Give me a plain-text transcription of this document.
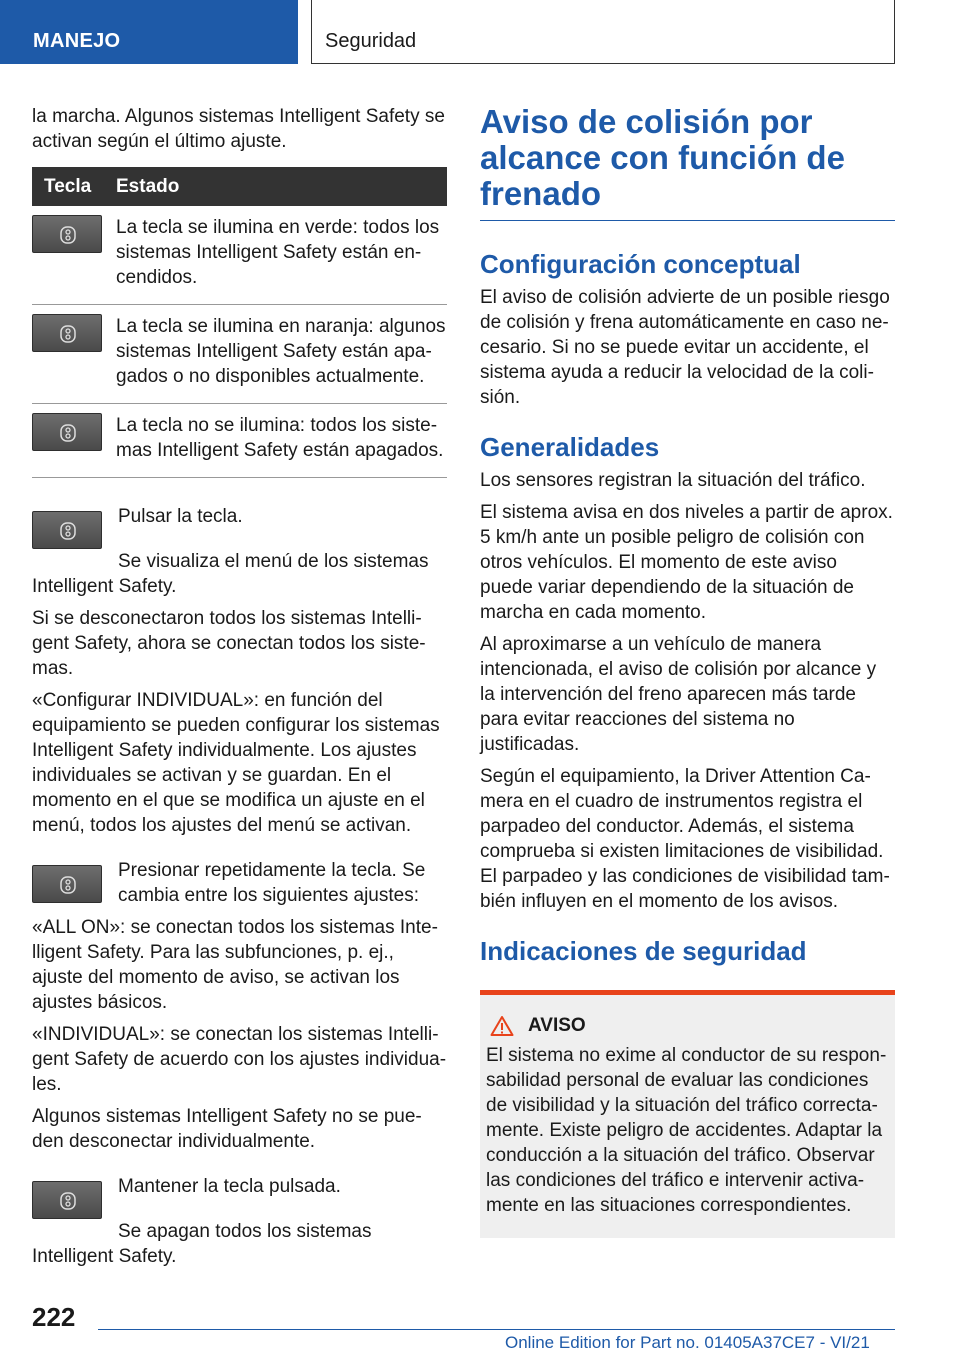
MANEJO	Seguridad

la marcha. Algunos sistemas Intelligent Safety se activan según el último ajuste.

Tecla	Estado

	La tecla se ilumina en verde: todos los sistemas Intelligent Safety están encendidos.

	La tecla se ilumina en naranja: algunos sistemas Intelligent Safety están apagados o no disponibles actualmente.

	La tecla no se ilumina: todos los sistemas Intelligent Safety están apagados.

Pulsar la tecla.

Se visualiza el menú de los sistemas Intelligent Safety.

Si se desconectaron todos los sistemas Intelligent Safety, ahora se conectan todos los sistemas.

«Configurar INDIVIDUAL»: en función del equipamiento se pueden configurar los sistemas Intelligent Safety individualmente. Los ajustes individuales se activan y se guardan. En el momento en el que se modifica un ajuste en el menú, todos los ajustes del menú se activan.

Presionar repetidamente la tecla. Se cambia entre los siguientes ajustes:

«ALL ON»: se conectan todos los sistemas Intelligent Safety. Para las subfunciones, p. ej., ajuste del momento de aviso, se activan los ajustes básicos.

«INDIVIDUAL»: se conectan los sistemas Intelligent Safety de acuerdo con los ajustes individuales.

Algunos sistemas Intelligent Safety no se pueden desconectar individualmente.

Mantener la tecla pulsada.

Se apagan todos los sistemas Intelligent Safety.

Aviso de colisión por alcance con función de frenado
Configuración conceptual

El aviso de colisión advierte de un posible riesgo de colisión y frena automáticamente en caso necesario. Si no se puede evitar un accidente, el sistema ayuda a reducir la velocidad de la colisión.

Generalidades

Los sensores registran la situación del tráfico.

El sistema avisa en dos niveles a partir de aprox. 5 km/h ante un posible peligro de colisión con otros vehículos. El momento de este aviso puede variar dependiendo de la situación de marcha en cada momento.

Al aproximarse a un vehículo de manera intencionada, el aviso de colisión por alcance y la intervención del freno aparecen más tarde para evitar reacciones del sistema no justificadas.

Según el equipamiento, la Driver Attention Camera en el cuadro de instrumentos registra el parpadeo del conductor. Además, el sistema comprueba si existen limitaciones de visibilidad. El parpadeo y las condiciones de visibilidad también influyen en el momento de los avisos.

Indicaciones de seguridad
AVISO

El sistema no exime al conductor de su responsabilidad personal de evaluar las condiciones de visibilidad y la situación del tráfico correctamente. Existe peligro de accidentes. Adaptar la conducción a la situación del tráfico. Observar las condiciones del tráfico e intervenir activamente en las situaciones correspondientes.

222
Online Edition for Part no. 01405A37CE7 - VI/21
